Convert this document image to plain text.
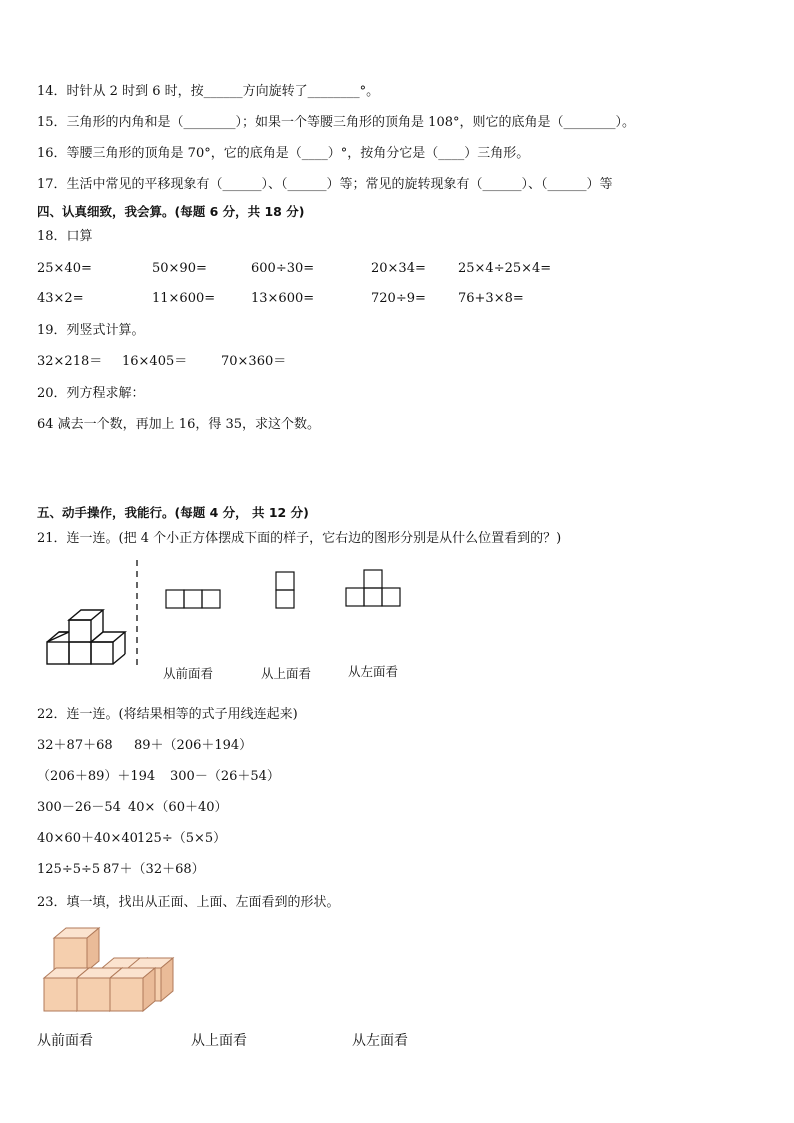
14．时针从 2 时到 6 时，按______方向旋转了________°。
15．三角形的内角和是（________）；如果一个等腰三角形的顶角是 108°，则它的底角是（________）。
16．等腰三角形的顶角是 70°，它的底角是（____）°，按角分它是（____）三角形。
17．生活中常见的平移现象有（______）、（______）等；常见的旋转现象有（______）、（______）等
四、认真细致，我会算。(每题 6 分，共 18 分)
18．口算
25×40=	50×90=	600÷30=	20×34= 25×4÷25×4=
43×2=	11×600=	13×600=	720÷9= 76+3×8=
19．列竖式计算。
32×218＝ 16×405＝	70×360＝
20．列方程求解：
64 减去一个数，再加上 16，得 35，求这个数。
五、动手操作，我能行。(每题 4 分， 共 12 分)
21．连一连。(把 4 个小正方体摆成下面的样子，它右边的图形分别是从什么位置看到的？)
从前面看	从上面看	从左面看
22．连一连。(将结果相等的式子用线连起来)
32＋87＋68 89＋（206＋194）
（206＋89）＋194 300－（26＋54）
300－26－54 40×（60＋40）
40×60＋40×40 125÷（5×5）
125÷5÷5 87＋（32＋68）
23．填一填，找出从正面、上面、左面看到的形状。
从前面看	从上面看	从左面看
